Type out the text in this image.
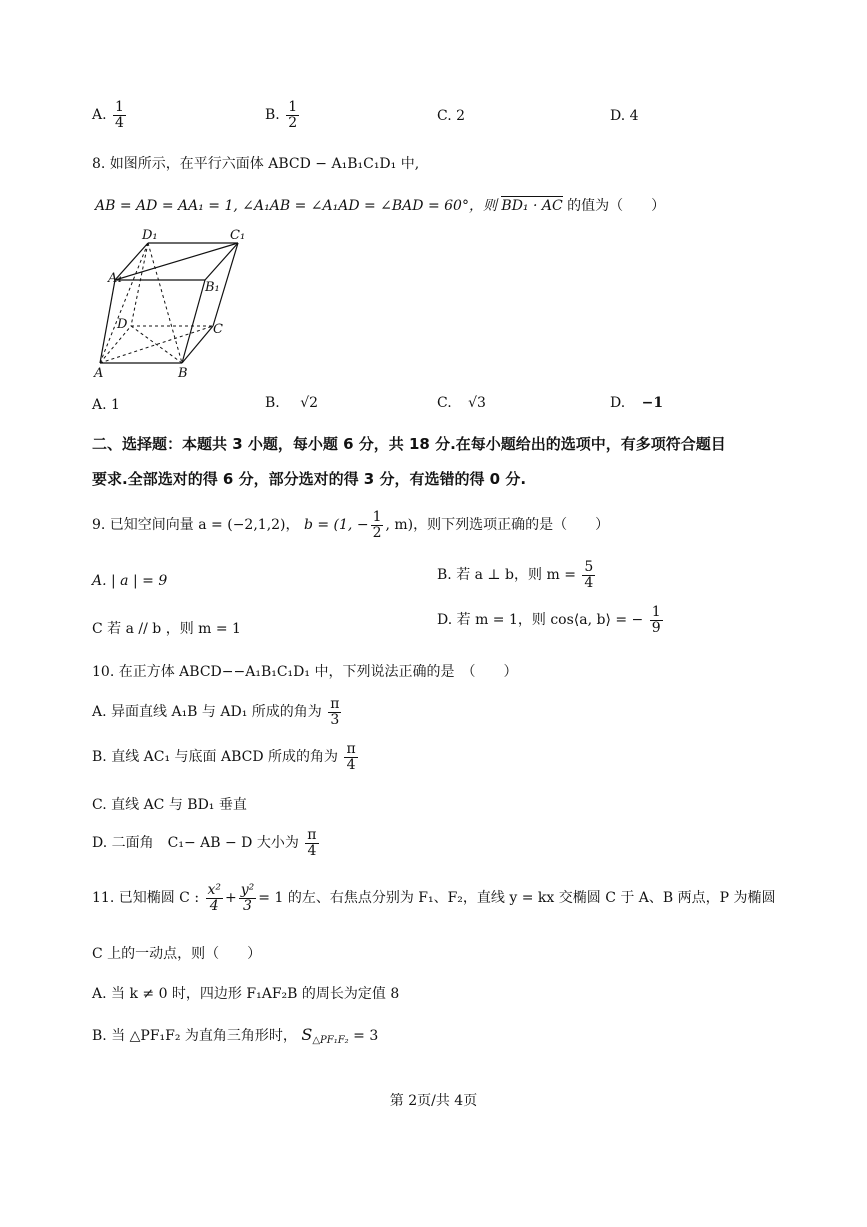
A. $\frac{1}{4}$	B. $\frac{1}{2}$	C. 2	D. 4
8. 如图所示，在平行六面体 ABCD − A₁B₁C₁D₁ 中,
AB = AD = AA₁ = 1, ∠A₁AB = ∠A₁AD = ∠BAD = 60°，则 BD₁ · AC 的值为（　　）
D₁	C₁
A₁
B₁
D	C
A	B
A. 1	B. √2	C. √3	D. −1
二、选择题：本题共 3 小题，每小题 6 分，共 18 分.在每小题给出的选项中，有多项符合题目
要求.全部选对的得 6 分，部分选对的得 3 分，有选错的得 0 分.
9. 已知空间向量 a = (−2,1,2)， b = (1, − $\frac{1}{2}$ , m)，则下列选项正确的是（　　）
A. | a | = 9	B. 若 a ⊥ b，则 $m = \frac{5}{4}$
C 若 a // b ，则 m = 1
D. 若 m = 1，则 cos⟨a, b⟩ = − $\frac{1}{9}$
10. 在正方体 ABCD−−A₁B₁C₁D₁ 中，下列说法正确的是　（　　）
A. 异面直线 A₁B 与 AD₁ 所成的角为 $\frac{\pi}{3}$
B. 直线 AC₁ 与底面 ABCD 所成的角为 $\frac{\pi}{4}$
C. 直线 AC 与 BD₁ 垂直
D. 二面角　C₁− AB − D 大小为 $\frac{\pi}{4}$
11. 已知椭圆 C : $\frac{\text{x²}}{4} + \frac{\text{y²}}{3} = 1$ 的左、右焦点分别为 F₁、F₂，直线 y = kx 交椭圆 C 于 A、B 两点，P 为椭圆
C 上的一动点，则（　　）
A. 当 k ≠ 0 时，四边形 F₁AF₂B 的周长为定值 8
B. 当 △PF₁F₂ 为直角三角形时， $S_{\triangle PF_1F_2} = 3$
第 2页/共 4页
